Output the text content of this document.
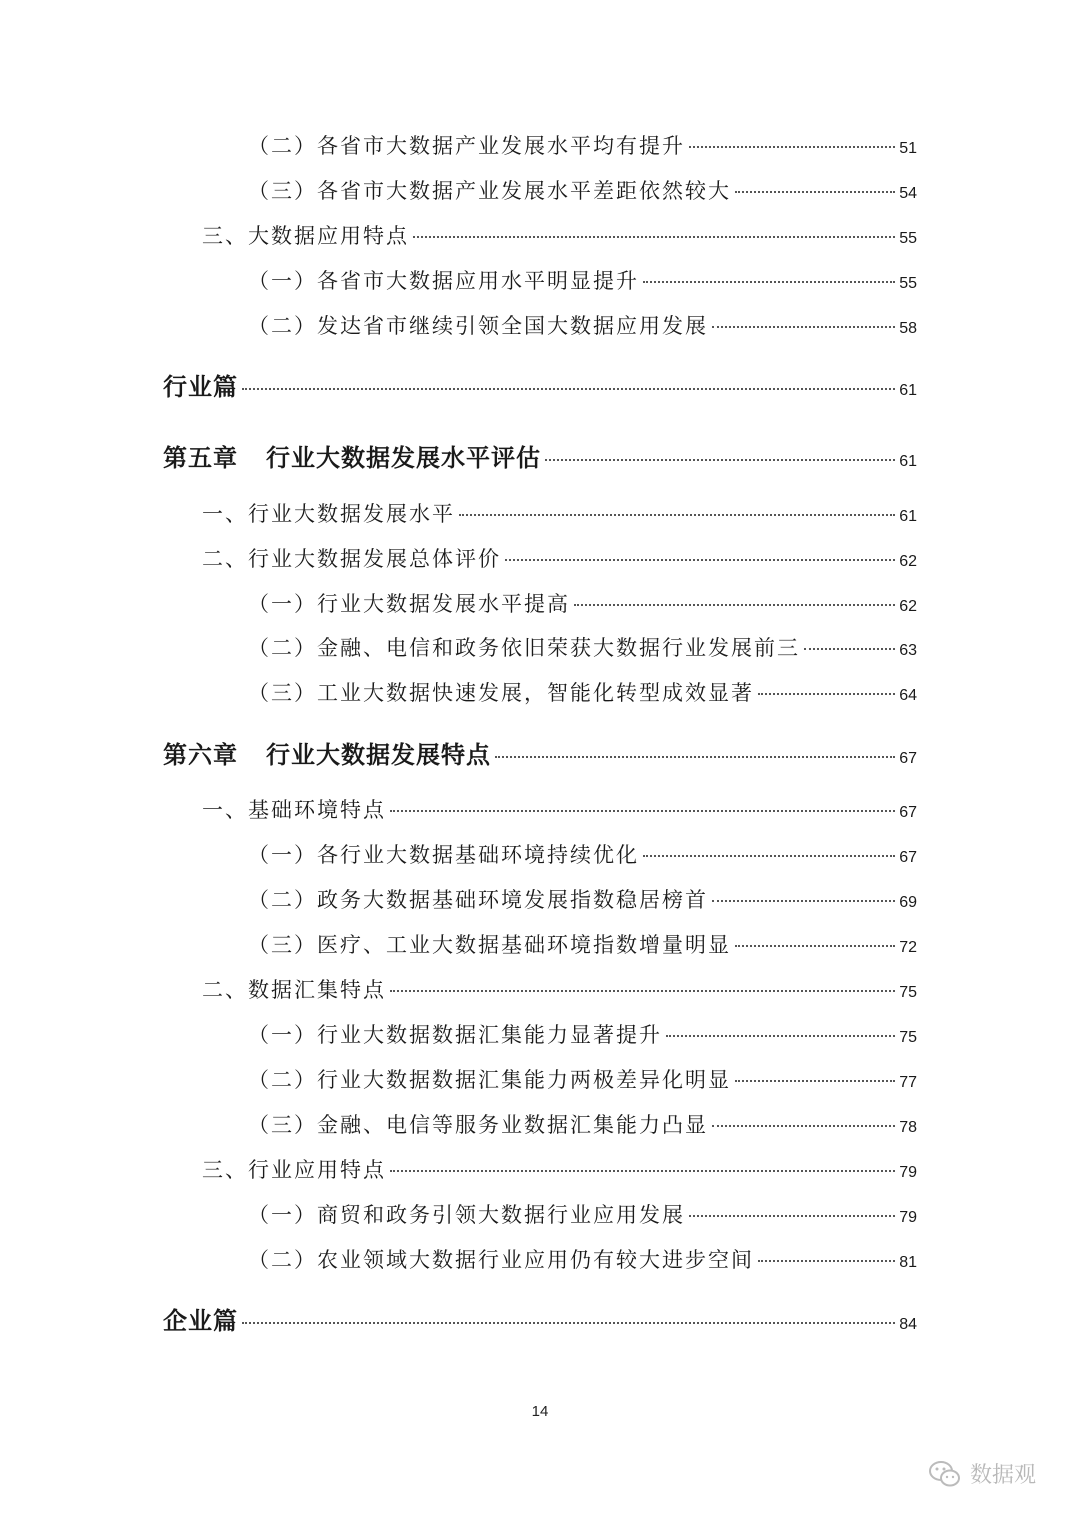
（二）各省市大数据产业发展水平均有提升	51
（三）各省市大数据产业发展水平差距依然较大	54
三、大数据应用特点	55
（一）各省市大数据应用水平明显提升	55
（二）发达省市继续引领全国大数据应用发展	58
行业篇	61
第五章 行业大数据发展水平评估	61
一、行业大数据发展水平	61
二、行业大数据发展总体评价	62
（一）行业大数据发展水平提高	62
（二）金融、电信和政务依旧荣获大数据行业发展前三	63
（三）工业大数据快速发展，智能化转型成效显著	64
第六章 行业大数据发展特点	67
一、基础环境特点	67
（一）各行业大数据基础环境持续优化	67
（二）政务大数据基础环境发展指数稳居榜首	69
（三）医疗、工业大数据基础环境指数增量明显	72
二、数据汇集特点	75
（一）行业大数据数据汇集能力显著提升	75
（二）行业大数据数据汇集能力两极差异化明显	77
（三）金融、电信等服务业数据汇集能力凸显	78
三、行业应用特点	79
（一）商贸和政务引领大数据行业应用发展	79
（二）农业领域大数据行业应用仍有较大进步空间	81
企业篇	84
14
数据观
